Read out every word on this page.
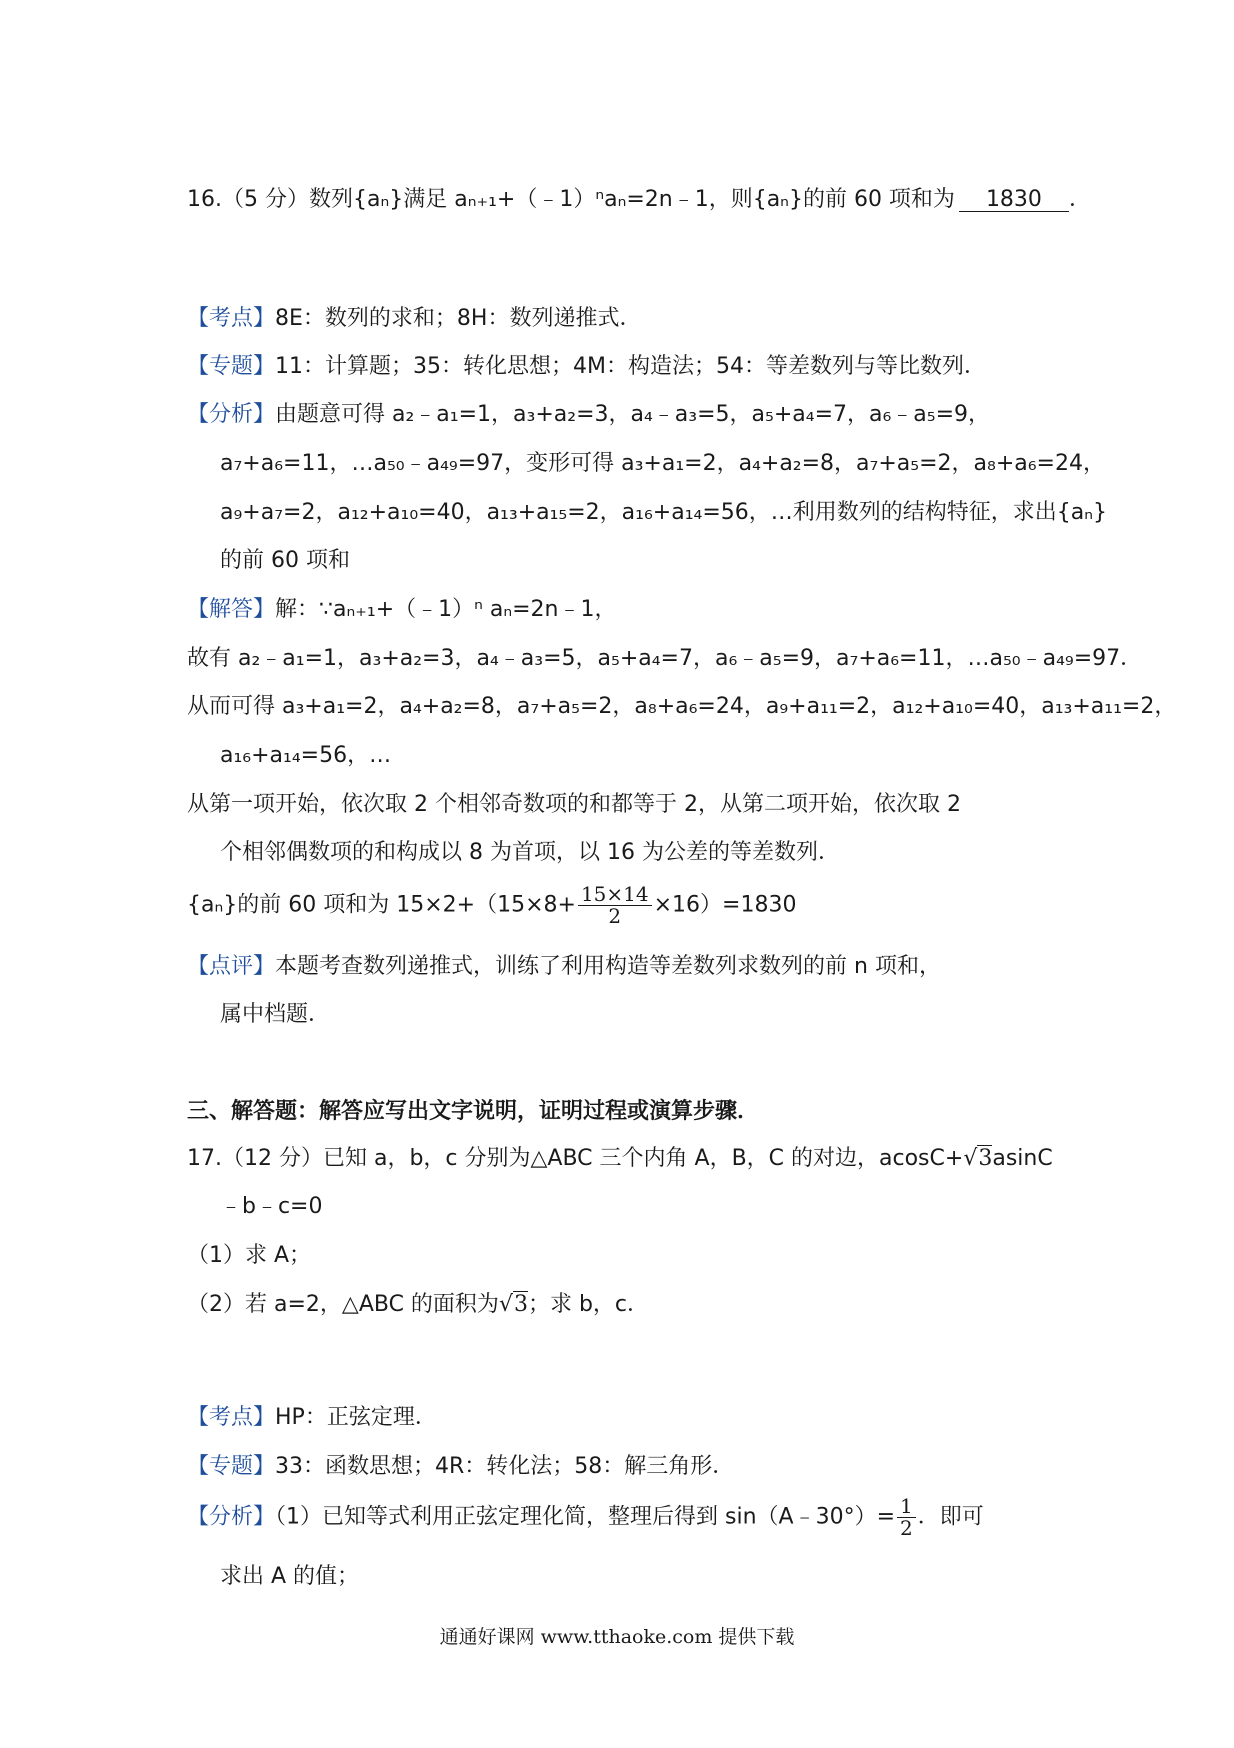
16.（5 分）数列{aₙ}满足 aₙ₊₁+（﹣1）ⁿaₙ=2n﹣1，则{aₙ}的前 60 项和为 1830 ．
【考点】8E：数列的求和；8H：数列递推式．
【专题】11：计算题；35：转化思想；4M：构造法；54：等差数列与等比数列．
【分析】由题意可得 a₂﹣a₁=1，a₃+a₂=3，a₄﹣a₃=5，a₅+a₄=7，a₆﹣a₅=9，
a₇+a₆=11，…a₅₀﹣a₄₉=97，变形可得 a₃+a₁=2，a₄+a₂=8，a₇+a₅=2，a₈+a₆=24，
a₉+a₇=2，a₁₂+a₁₀=40，a₁₃+a₁₅=2，a₁₆+a₁₄=56，…利用数列的结构特征，求出{aₙ}
的前 60 项和
【解答】解：∵aₙ₊₁+（﹣1）ⁿ aₙ=2n﹣1，
故有 a₂﹣a₁=1，a₃+a₂=3，a₄﹣a₃=5，a₅+a₄=7，a₆﹣a₅=9，a₇+a₆=11，…a₅₀﹣a₄₉=97．
从而可得 a₃+a₁=2，a₄+a₂=8，a₇+a₅=2，a₈+a₆=24，a₉+a₁₁=2，a₁₂+a₁₀=40，a₁₃+a₁₁=2，
a₁₆+a₁₄=56，…
从第一项开始，依次取 2 个相邻奇数项的和都等于 2，从第二项开始，依次取 2
个相邻偶数项的和构成以 8 为首项，以 16 为公差的等差数列．
{aₙ}的前 60 项和为 $15\times 2+(15\times 8+ \frac{15\times 14}{2} \times 16)=1830$
【点评】本题考查数列递推式，训练了利用构造等差数列求数列的前 n 项和，
属中档题．
三、解答题：解答应写出文字说明，证明过程或演算步骤．
17.（12 分）已知 a，b，c 分别为△ABC 三个内角 A，B，C 的对边，acosC+√3asinC
﹣b﹣c=0
（1）求 A；
（2）若 a=2，△ABC 的面积为√3；求 b，c．
【考点】HP：正弦定理．
【专题】33：函数思想；4R：转化法；58：解三角形．
【分析】（1）已知等式利用正弦定理化简，整理后得到 sin（A﹣30°）= $\frac{1}{2}$ ．即可
求出 A 的值；
通通好课网 www.tthaoke.com 提供下载
